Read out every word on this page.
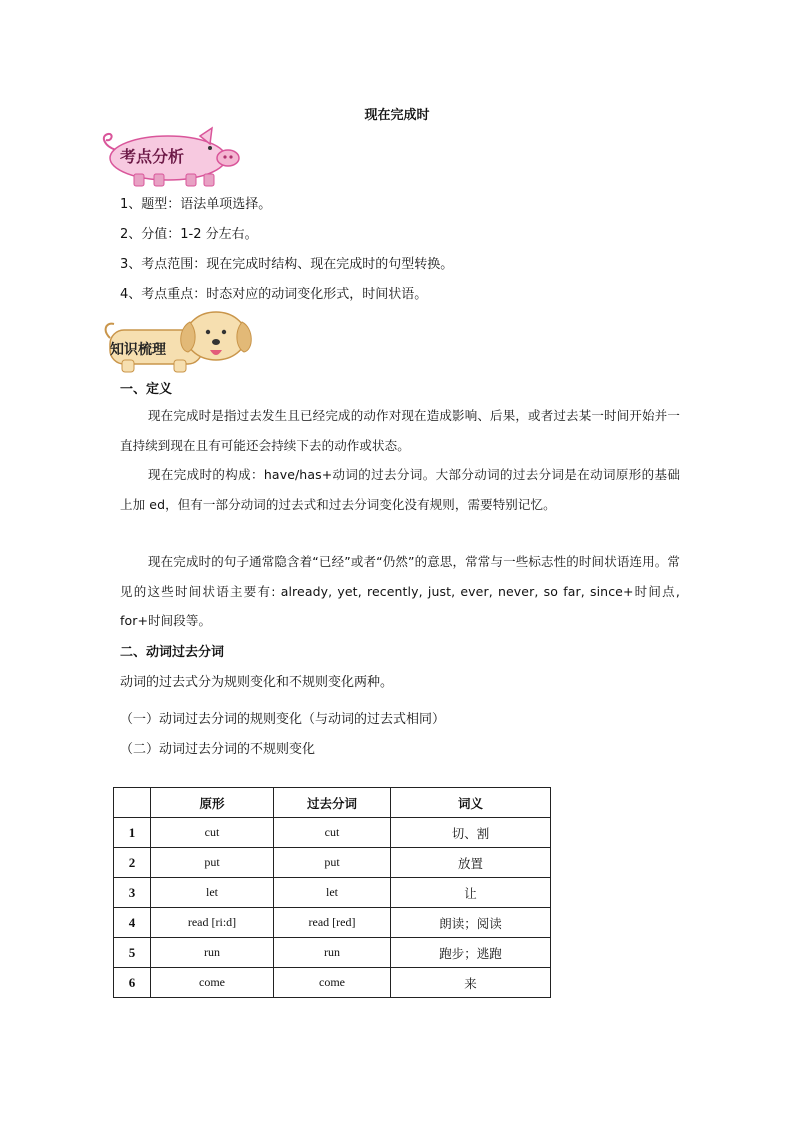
现在完成时
考点分析
1、题型：语法单项选择。
2、分值：1-2 分左右。
3、考点范围：现在完成时结构、现在完成时的句型转换。
4、考点重点：时态对应的动词变化形式，时间状语。
知识梳理
一、定义
现在完成时是指过去发生且已经完成的动作对现在造成影响、后果，或者过去某一时间开始并一直持续到现在且有可能还会持续下去的动作或状态。
现在完成时的构成：have/has+动词的过去分词。大部分动词的过去分词是在动词原形的基础上加 ed，但有一部分动词的过去式和过去分词变化没有规则，需要特别记忆。
现在完成时的句子通常隐含着“已经”或者“仍然”的意思，常常与一些标志性的时间状语连用。常见的这些时间状语主要有: already, yet, recently, just, ever, never, so far, since+时间点, for+时间段等。
二、动词过去分词
动词的过去式分为规则变化和不规则变化两种。
（一）动词过去分词的规则变化（与动词的过去式相同）
（二）动词过去分词的不规则变化
	原形	过去分词	词义
1	cut	cut	切、割
2	put	put	放置
3	let	let	让
4	read [ri:d]	read [red]	朗读；阅读
5	run	run	跑步；逃跑
6	come	come	来
